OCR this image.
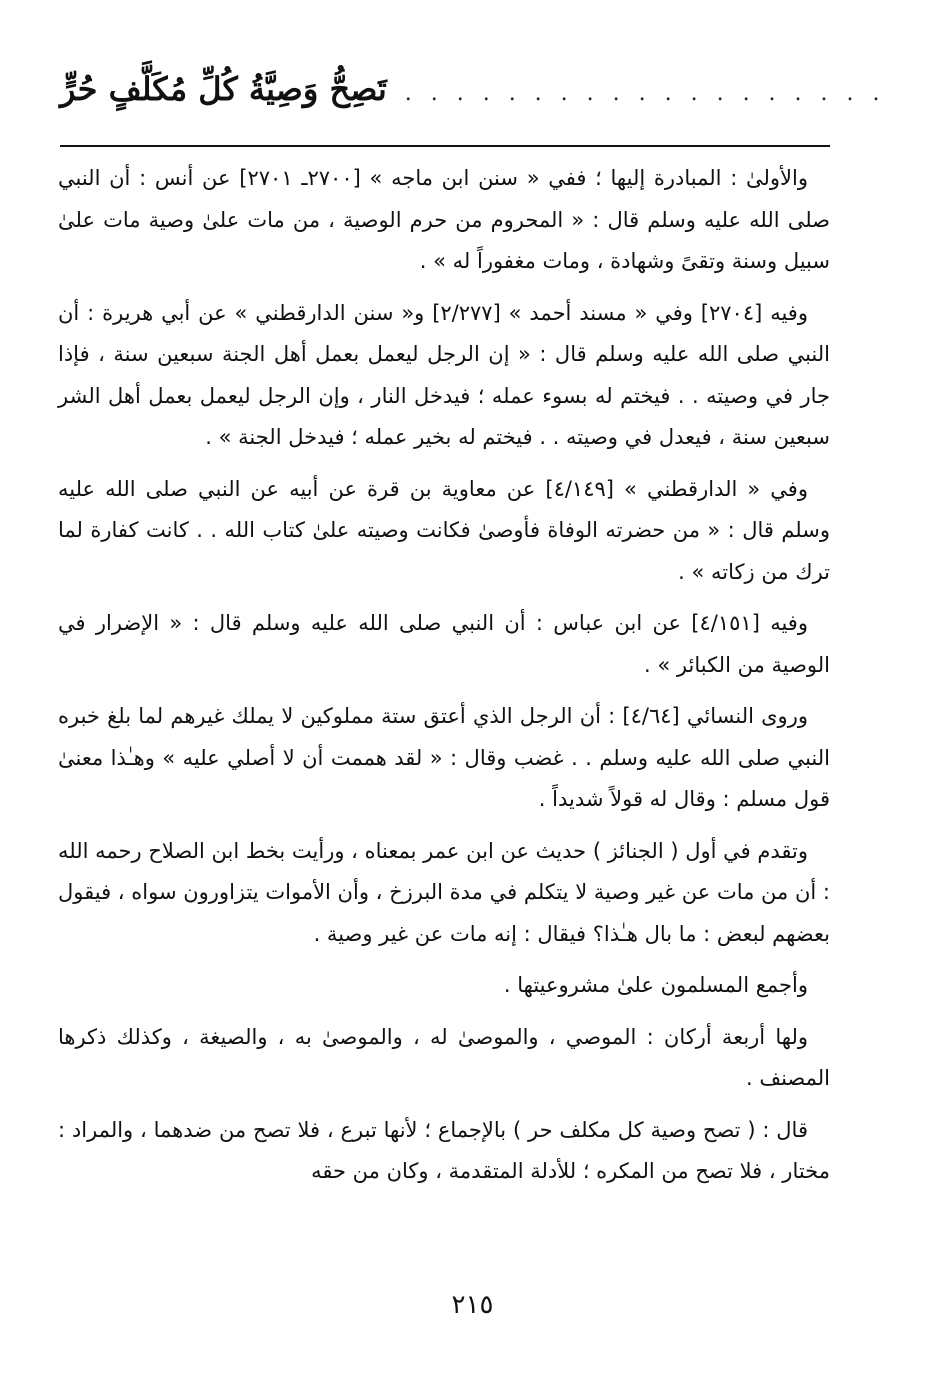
تَصِحُّ وَصِيَّةُ كُلِّ مُكَلَّفٍ حُرٍّ . . . . . . . . . . . . . . . . . . .

والأولىٰ : المبادرة إليها ؛ ففي « سنن ابن ماجه » [٢٧٠٠ـ ٢٧٠١] عن أنس : أن النبي صلى الله عليه وسلم قال : « المحروم من حرم الوصية ، من مات علىٰ وصية مات علىٰ سبيل وسنة وتقىً وشهادة ، ومات مغفوراً له » .

وفيه [٢٧٠٤] وفي « مسند أحمد » [٢/٢٧٧] و« سنن الدارقطني » عن أبي هريرة : أن النبي صلى الله عليه وسلم قال : « إن الرجل ليعمل بعمل أهل الجنة سبعين سنة ، فإذا جار في وصيته . . فيختم له بسوء عمله ؛ فيدخل النار ، وإن الرجل ليعمل بعمل أهل الشر سبعين سنة ، فيعدل في وصيته . . فيختم له بخير عمله ؛ فيدخل الجنة » .

وفي « الدارقطني » [٤/١٤٩] عن معاوية بن قرة عن أبيه عن النبي صلى الله عليه وسلم قال : « من حضرته الوفاة فأوصىٰ فكانت وصيته علىٰ كتاب الله . . كانت كفارة لما ترك من زكاته » .

وفيه [٤/١٥١] عن ابن عباس : أن النبي صلى الله عليه وسلم قال : « الإضرار في الوصية من الكبائر » .

وروى النسائي [٤/٦٤] : أن الرجل الذي أعتق ستة مملوكين لا يملك غيرهم لما بلغ خبره النبي صلى الله عليه وسلم . . غضب وقال : « لقد هممت أن لا أصلي عليه » وهـٰذا معنىٰ قول مسلم : وقال له قولاً شديداً .

وتقدم في أول ( الجنائز ) حديث عن ابن عمر بمعناه ، ورأيت بخط ابن الصلاح رحمه الله : أن من مات عن غير وصية لا يتكلم في مدة البرزخ ، وأن الأموات يتزاورون سواه ، فيقول بعضهم لبعض : ما بال هـٰذا؟ فيقال : إنه مات عن غير وصية .

وأجمع المسلمون علىٰ مشروعيتها .

ولها أربعة أركان : الموصي ، والموصىٰ له ، والموصىٰ به ، والصيغة ، وكذلك ذكرها المصنف .

قال : ( تصح وصية كل مكلف حر ) بالإجماع ؛ لأنها تبرع ، فلا تصح من ضدهما ، والمراد : مختار ، فلا تصح من المكره ؛ للأدلة المتقدمة ، وكان من حقه

٢١٥
